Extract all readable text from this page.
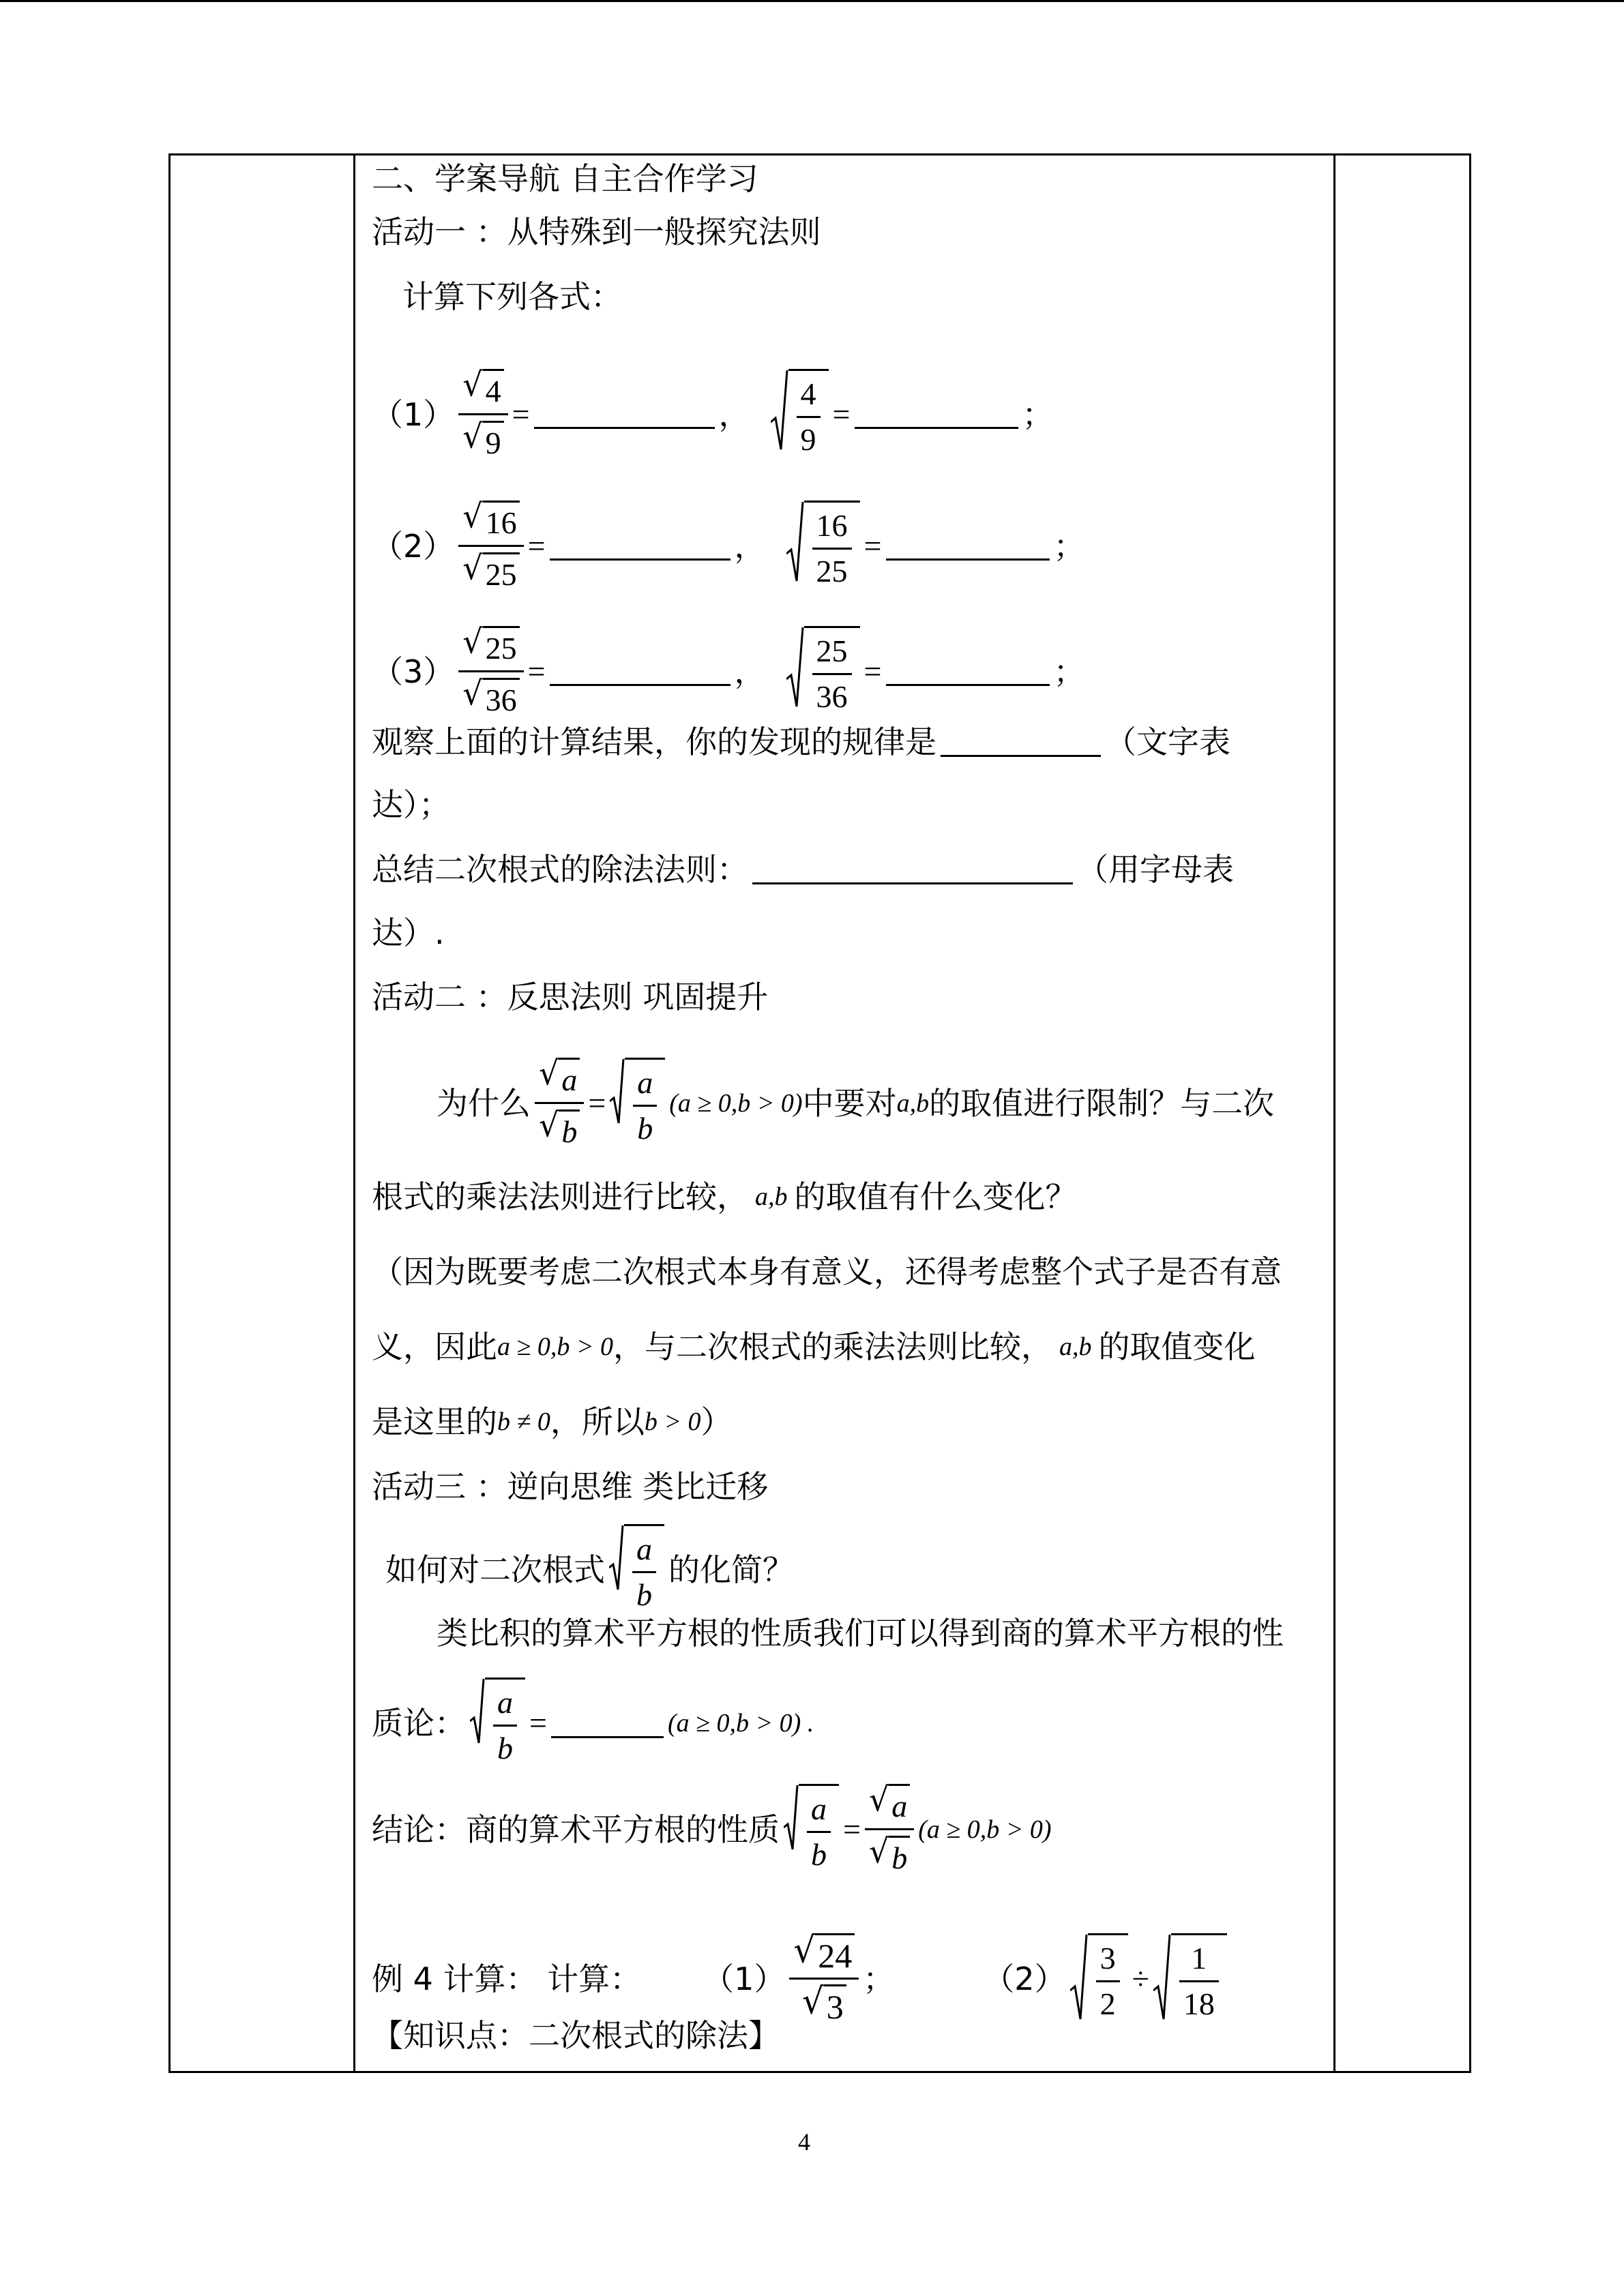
二、学案导航 自主合作学习
活动一 ：从特殊到一般探究法则
计算下列各式：
$(1) \frac{√ 4}{√ 9}$ =	， $\frac{4}{9}$ =	；
$(2) \frac{√ 16}{√ 25}$ =	， $\frac{16}{25}$ =	；
$(3) \frac{√ 25}{√ 36}$ =	， $\frac{25}{36}$ =	；
观察上面的计算结果，你的发现的规律是	（文字表
达）；
总结二次根式的除法法则：	（用字母表
达）.
活动二 ：反思法则 巩固提升
为什么 $\frac{√ a}{√ b} = \frac{a}{b} (a \ge 0,b > 0)$ 中要对 a,b 的取值进行限制？与二次
根式的乘法法则进行比较， a,b 的取值有什么变化？
（因为既要考虑二次根式本身有意义，还得考虑整个式子是否有意
义，因此 a ≥ 0,b > 0 ，与二次根式的乘法法则比较， a,b 的取值变化
是这里的 b ≠ 0 ，所以 b > 0 ）
活动三 ：逆向思维 类比迁移
如何对二次根式 $\frac{a}{b}$ 的化简？
类比积的算术平方根的性质我们可以得到商的算术平方根的性
质论： $\frac{a}{b}$ =	(a ≥ 0,b > 0) .
结论：商的算术平方根的性质 $\frac{a}{b} = \frac{√ a}{√ b} (a \ge 0,b > 0)$
例 4 计算： 计算： $(1) \frac{√ 24}{√ 3}$ ；	$(2) \frac{3}{2} \div \frac{1}{18}$
【知识点：二次根式的除法】
4
